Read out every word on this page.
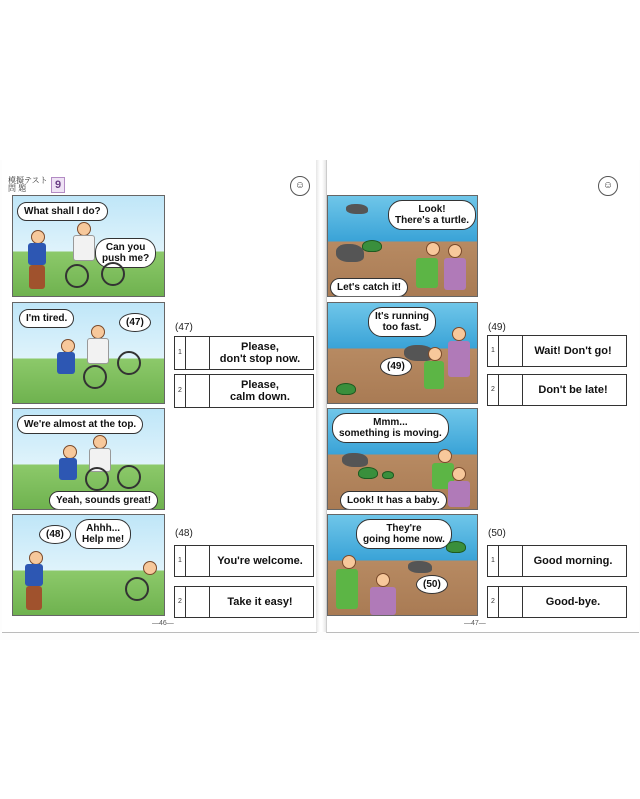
模擬テスト
問 題	9	☺	☺
What shall I do?
Can you
push me?
I'm tired.	(47)
We're almost at the top.
Yeah, sounds great!
Ahhh...
Help me!
(48)
(47)
1	Please,
don't stop now.
2	Please,
calm down.
(48)
1	You're welcome.
2	Take it easy!
—46—
Look!
There's a turtle.
Let's catch it!
It's running
too fast.
(49)
Mmm...
something is moving.
Look! It has a baby.
They're
going home now.
(50)
(49)
1	Wait! Don't go!
2	Don't be late!
(50)
1	Good morning.
2	Good-bye.
—47—
